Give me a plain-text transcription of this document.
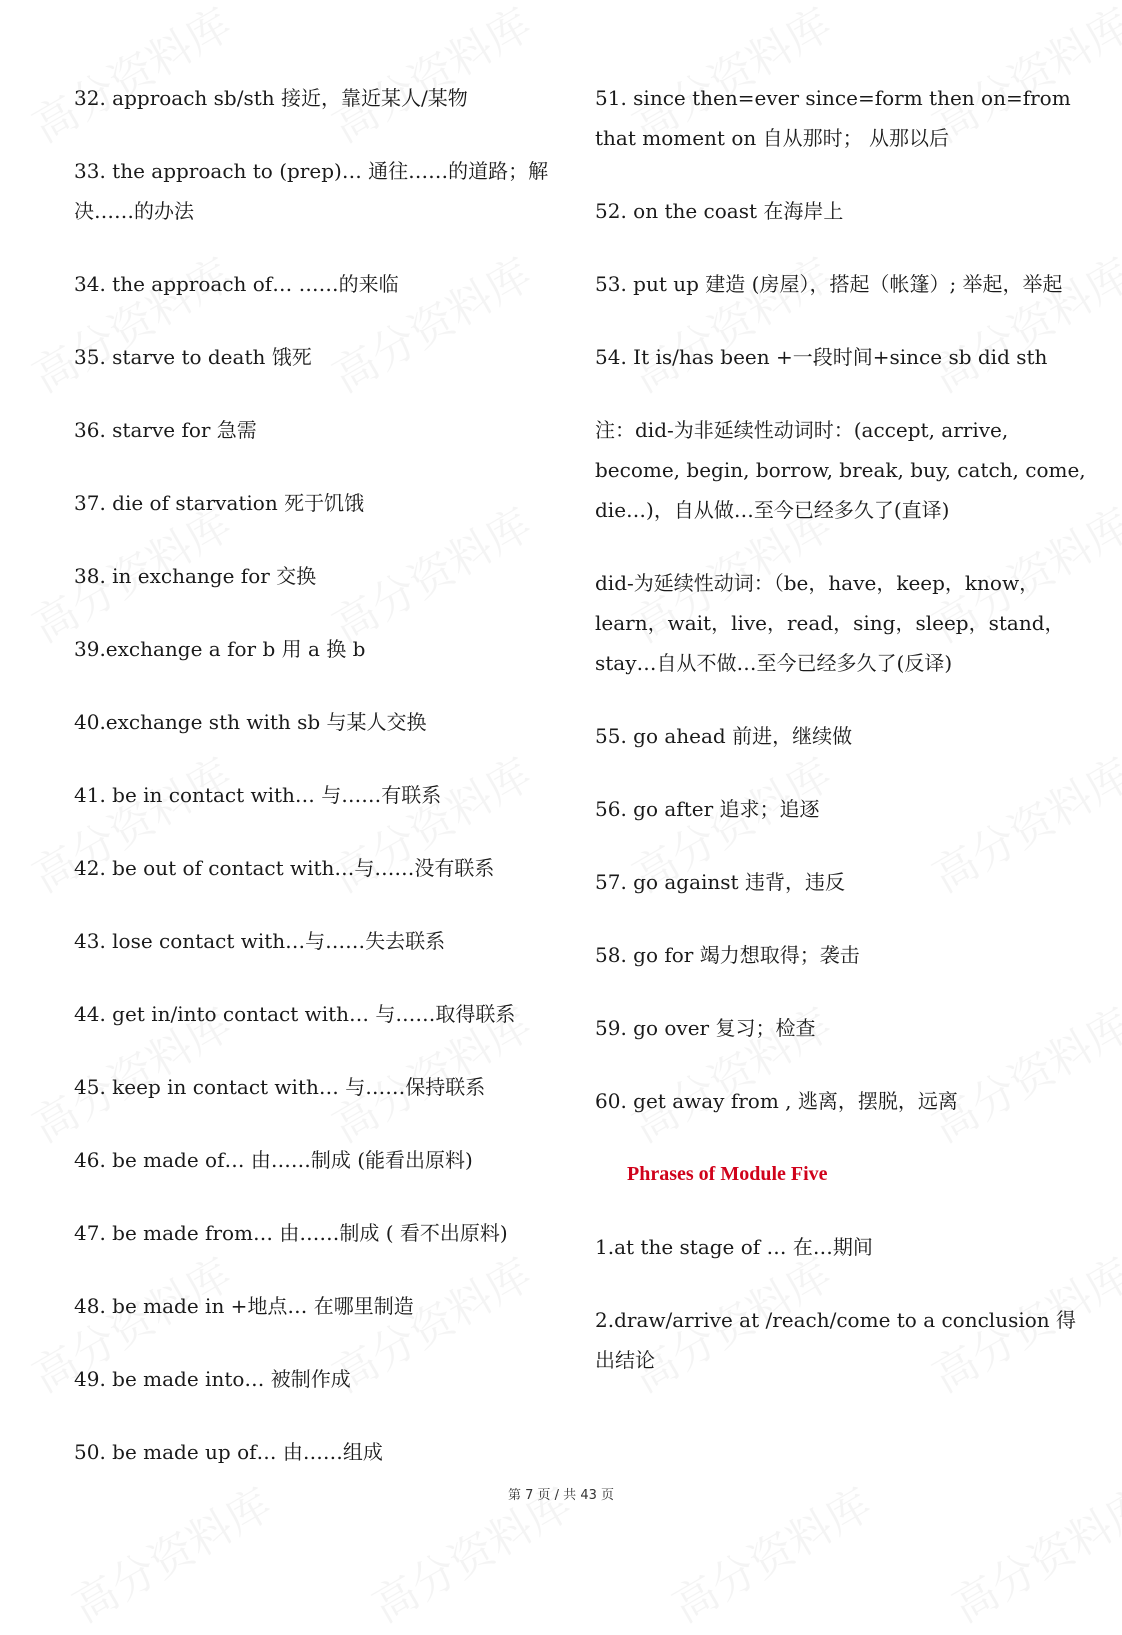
32. approach sb/sth 接近，靠近某人/某物
33. the approach to (prep)… 通往……的道路；解决……的办法
34. the approach of… ……的来临
35. starve to death 饿死
36. starve for 急需
37. die of starvation 死于饥饿
38. in exchange for 交换
39.exchange a for b 用 a 换 b
40.exchange sth with sb 与某人交换
41. be in contact with… 与……有联系
42. be out of contact with…与……没有联系
43. lose contact with…与……失去联系
44. get in/into contact with… 与……取得联系
45. keep in contact with… 与……保持联系
46. be made of… 由……制成 (能看出原料)
47. be made from… 由……制成 ( 看不出原料)
48. be made in +地点… 在哪里制造
49. be made into… 被制作成
50. be made up of… 由……组成
51. since then=ever since=form then on=from that moment on 自从那时； 从那以后
52. on the coast 在海岸上
53. put up 建造 (房屋），搭起（帐篷）; 举起，举起
54. It is/has been +一段时间+since sb did sth
注：did-为非延续性动词时：(accept, arrive, become, begin, borrow, break, buy, catch, come, die…)，自从做…至今已经多久了(直译)
did-为延续性动词：（be，have，keep，know，learn，wait，live，read，sing，sleep，stand，stay…自从不做…至今已经多久了(反译)
55. go ahead 前进，继续做
56. go after 追求；追逐
57. go against 违背，违反
58. go for 竭力想取得；袭击
59. go over 复习；检查
60. get away from , 逃离，摆脱，远离
Phrases of Module Five
1.at the stage of … 在…期间
2.draw/arrive at /reach/come to a conclusion 得出结论
第 7 页 / 共 43 页
